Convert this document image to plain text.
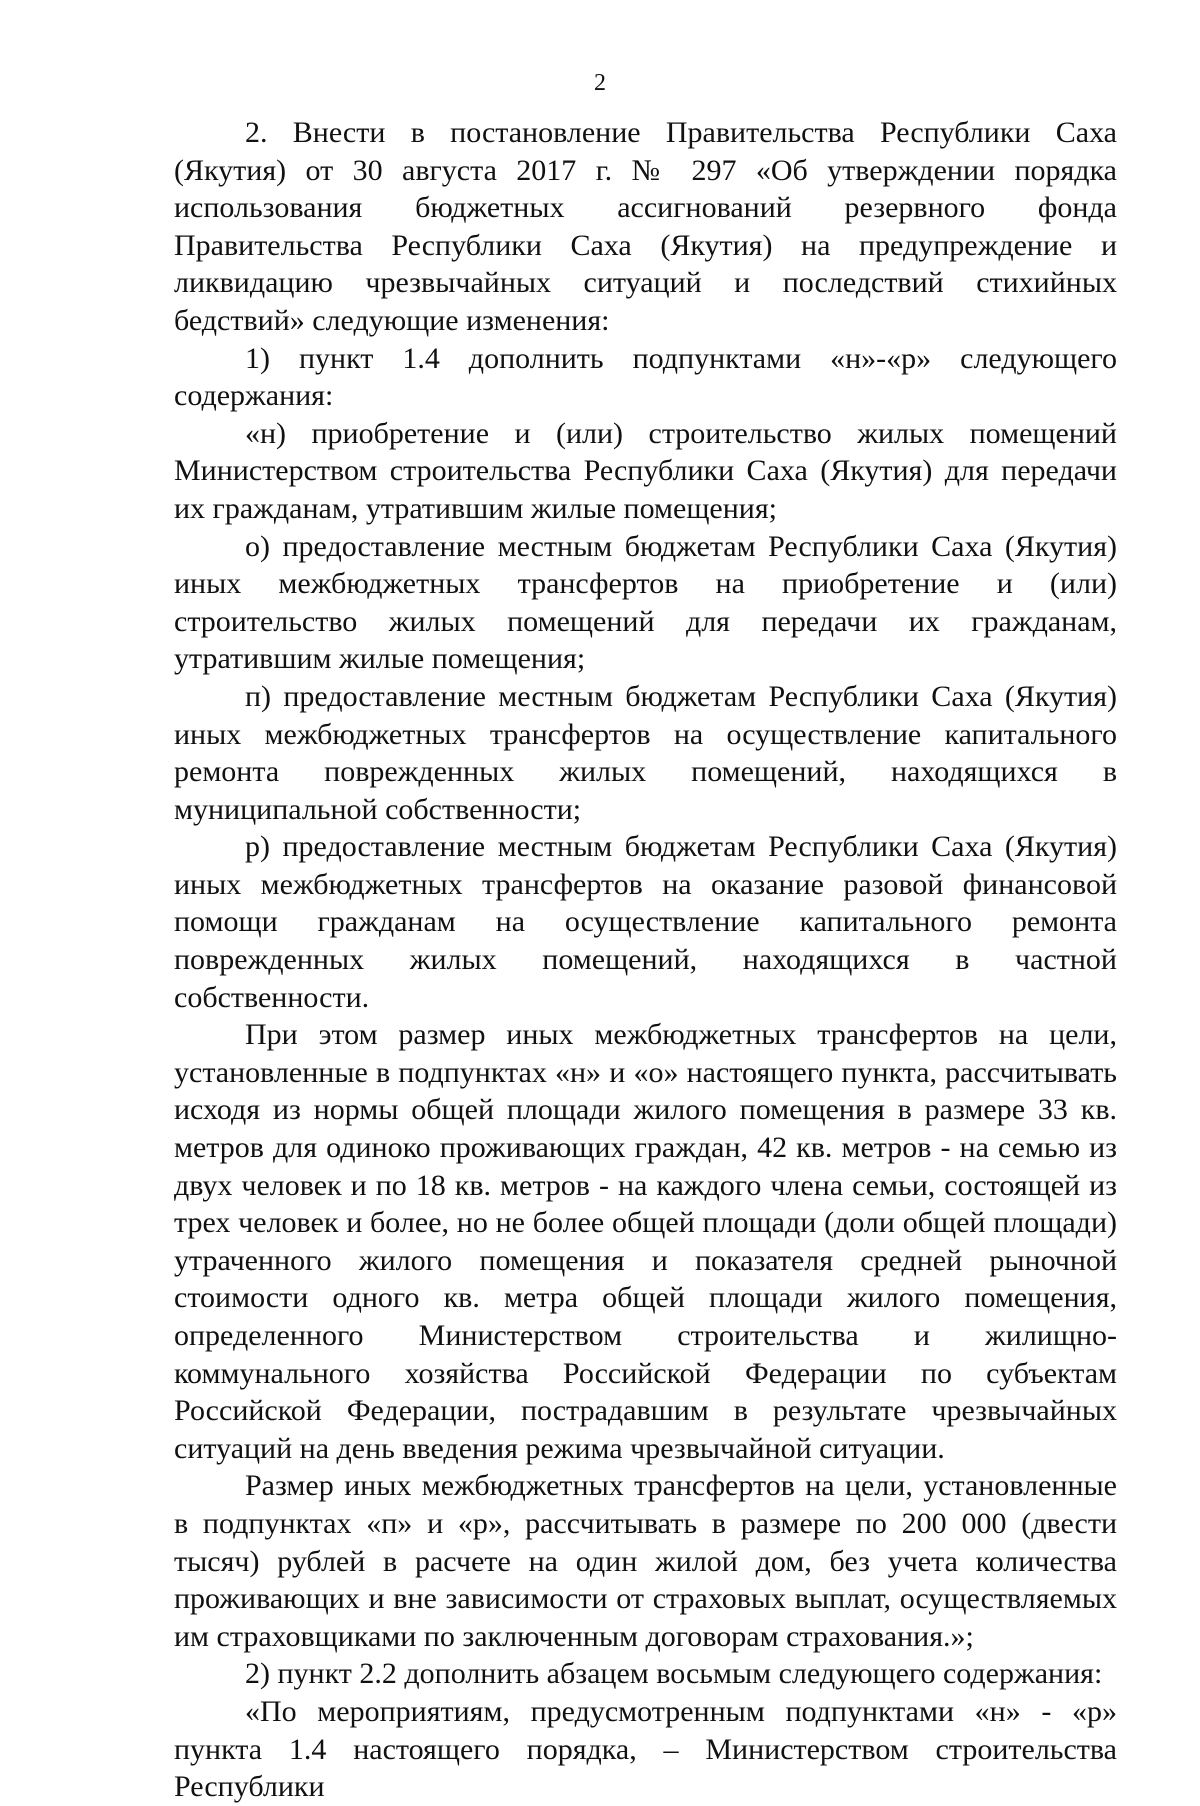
2

2. Внести в постановление Правительства Республики Саха (Якутия) от 30 августа 2017 г. № 297 «Об утверждении порядка использования бюджетных ассигнований резервного фонда Правительства Республики Саха (Якутия) на предупреждение и ликвидацию чрезвычайных ситуаций и последствий стихийных бедствий» следующие изменения:

1) пункт 1.4 дополнить подпунктами «н»-«р» следующего содержания:

«н) приобретение и (или) строительство жилых помещений Министерством строительства Республики Саха (Якутия) для передачи их гражданам, утратившим жилые помещения;

о) предоставление местным бюджетам Республики Саха (Якутия) иных межбюджетных трансфертов на приобретение и (или) строительство жилых помещений для передачи их гражданам, утратившим жилые помещения;

п) предоставление местным бюджетам Республики Саха (Якутия) иных межбюджетных трансфертов на осуществление капитального ремонта поврежденных жилых помещений, находящихся в муниципальной собственности;

р) предоставление местным бюджетам Республики Саха (Якутия) иных межбюджетных трансфертов на оказание разовой финансовой помощи гражданам на осуществление капитального ремонта поврежденных жилых помещений, находящихся в частной собственности.

При этом размер иных межбюджетных трансфертов на цели, установленные в подпунктах «н» и «о» настоящего пункта, рассчитывать исходя из нормы общей площади жилого помещения в размере 33 кв. метров для одиноко проживающих граждан, 42 кв. метров - на семью из двух человек и по 18 кв. метров - на каждого члена семьи, состоящей из трех человек и более, но не более общей площади (доли общей площади) утраченного жилого помещения и показателя средней рыночной стоимости одного кв. метра общей площади жилого помещения, определенного Министерством строительства и жилищно-коммунального хозяйства Российской Федерации по субъектам Российской Федерации, пострадавшим в результате чрезвычайных ситуаций на день введения режима чрезвычайной ситуации.

Размер иных межбюджетных трансфертов на цели, установленные в подпунктах «п» и «р», рассчитывать в размере по 200 000 (двести тысяч) рублей в расчете на один жилой дом, без учета количества проживающих и вне зависимости от страховых выплат, осуществляемых им страховщиками по заключенным договорам страхования.»;

2) пункт 2.2 дополнить абзацем восьмым следующего содержания:

«По мероприятиям, предусмотренным подпунктами «н» - «р» пункта 1.4 настоящего порядка, – Министерством строительства Республики
